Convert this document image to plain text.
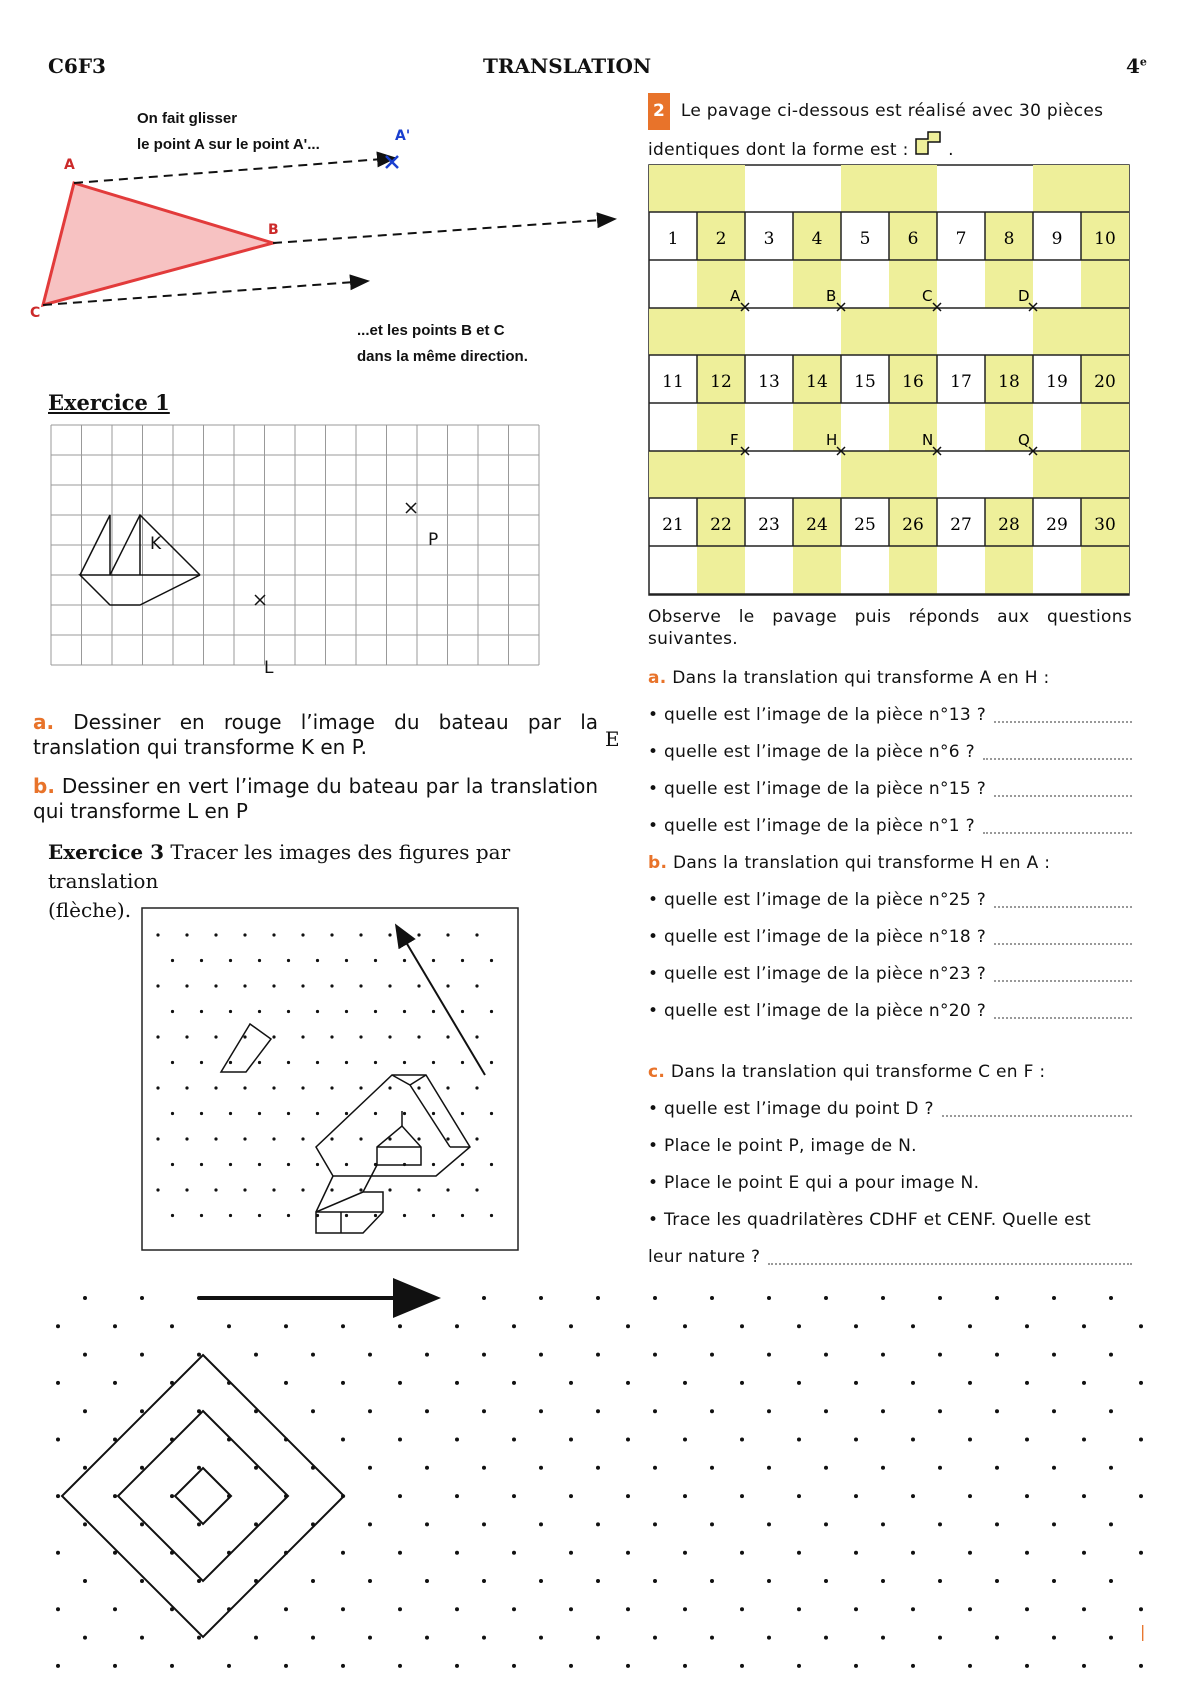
C6F3	TRANSLATION	4e
On fait glisser
le point A sur le point A'...
...et les points B et C
dans la même direction.
A
A'
B
C
Exercice 1
K	P
L
a. Dessiner en rouge l’image du bateau par la translation qui transforme K en P.	E
b. Dessiner en vert l’image du bateau par la translation qui transforme L en P
Exercice 3 Tracer les images des figures par translation
(flèche).
|
2 Le pavage ci-dessous est réalisé avec 30 pièces
identiques dont la forme est : .
1 2 3 4 5 6 7 8 9 10
11 12 13 14 15 16 17 18 19 20
21 22 23 24 25 26 27 28 29 30
A	B	C	D
F	H	N	Q
Observe le pavage puis réponds aux questions suivantes.
a. Dans la translation qui transforme A en H :
• quelle est l’image de la pièce n°13 ?
• quelle est l’image de la pièce n°6 ?
• quelle est l’image de la pièce n°15 ?
• quelle est l’image de la pièce n°1 ?
b. Dans la translation qui transforme H en A :
• quelle est l’image de la pièce n°25 ?
• quelle est l’image de la pièce n°18 ?
• quelle est l’image de la pièce n°23 ?
• quelle est l’image de la pièce n°20 ?
c. Dans la translation qui transforme C en F :
• quelle est l’image du point D ?
• Place le point P, image de N.
• Place le point E qui a pour image N.
• Trace les quadrilatères CDHF et CENF. Quelle est
leur nature ?
